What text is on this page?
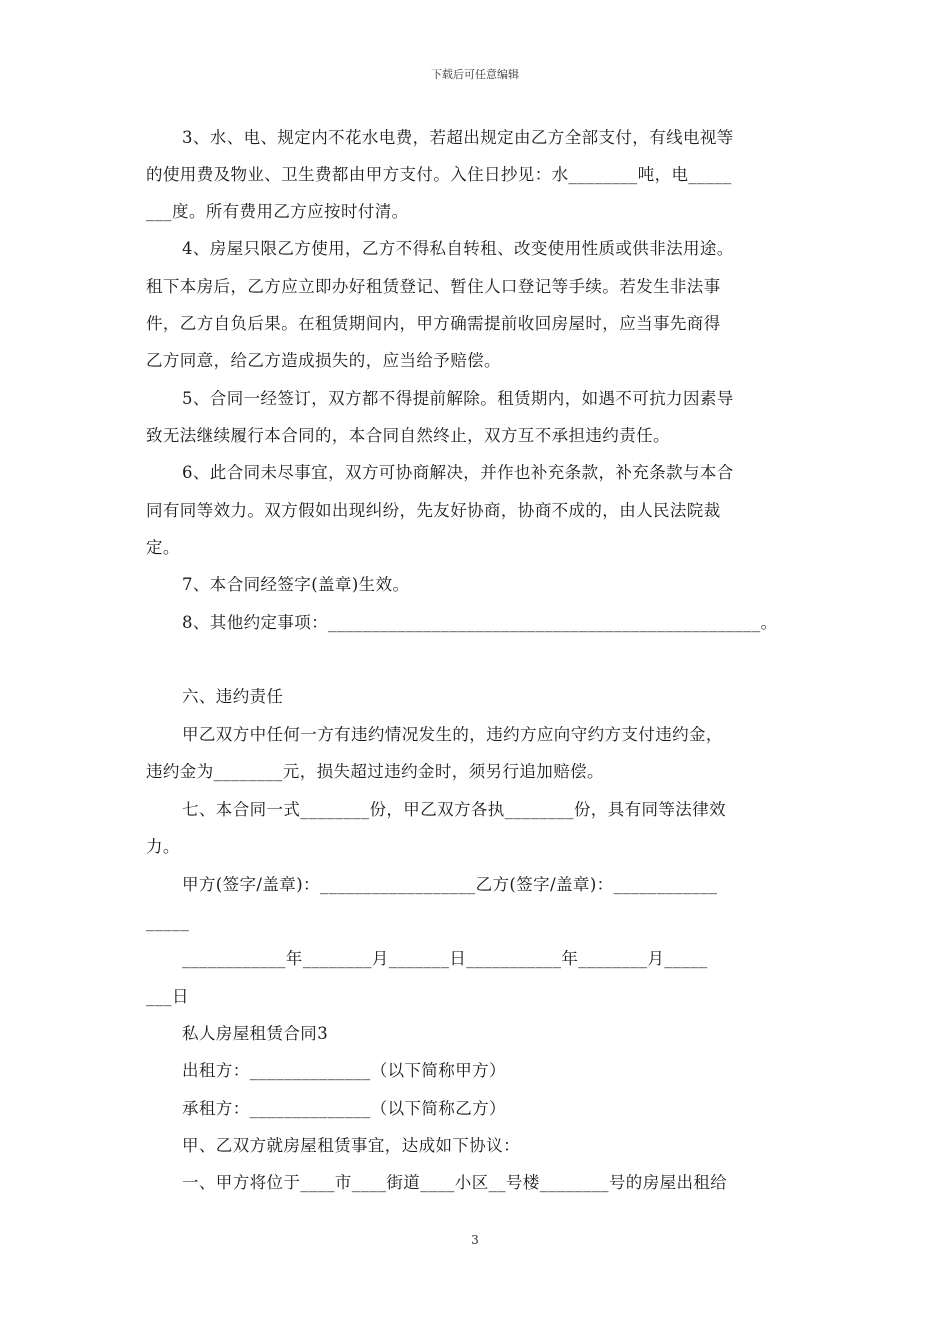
下载后可任意编辑
3、水、电、规定内不花水电费，若超出规定由乙方全部支付，有线电视等
的使用费及物业、卫生费都由甲方支付。入住日抄见：水________吨，电_____
___度。所有费用乙方应按时付清。
4、房屋只限乙方使用，乙方不得私自转租、改变使用性质或供非法用途。
租下本房后，乙方应立即办好租赁登记、暂住人口登记等手续。若发生非法事
件，乙方自负后果。在租赁期间内，甲方确需提前收回房屋时，应当事先商得
乙方同意，给乙方造成损失的，应当给予赔偿。
5、合同一经签订，双方都不得提前解除。租赁期内，如遇不可抗力因素导
致无法继续履行本合同的，本合同自然终止，双方互不承担违约责任。
6、此合同未尽事宜，双方可协商解决，并作也补充条款，补充条款与本合
同有同等效力。双方假如出现纠纷，先友好协商，协商不成的，由人民法院裁
定。
7、本合同经签字(盖章)生效。
8、其他约定事项：__________________________________________________。
六、违约责任
甲乙双方中任何一方有违约情况发生的，违约方应向守约方支付违约金，
违约金为________元，损失超过违约金时，须另行追加赔偿。
七、本合同一式________份，甲乙双方各执________份，具有同等法律效
力。
甲方(签字/盖章)：__________________乙方(签字/盖章)：____________
_____
____________年________月_______日___________年________月_____
___日
私人房屋租赁合同3
出租方：______________（以下简称甲方）
承租方：______________（以下简称乙方）
甲、乙双方就房屋租赁事宜，达成如下协议：
一、甲方将位于____市____街道____小区__号楼________号的房屋出租给
3
